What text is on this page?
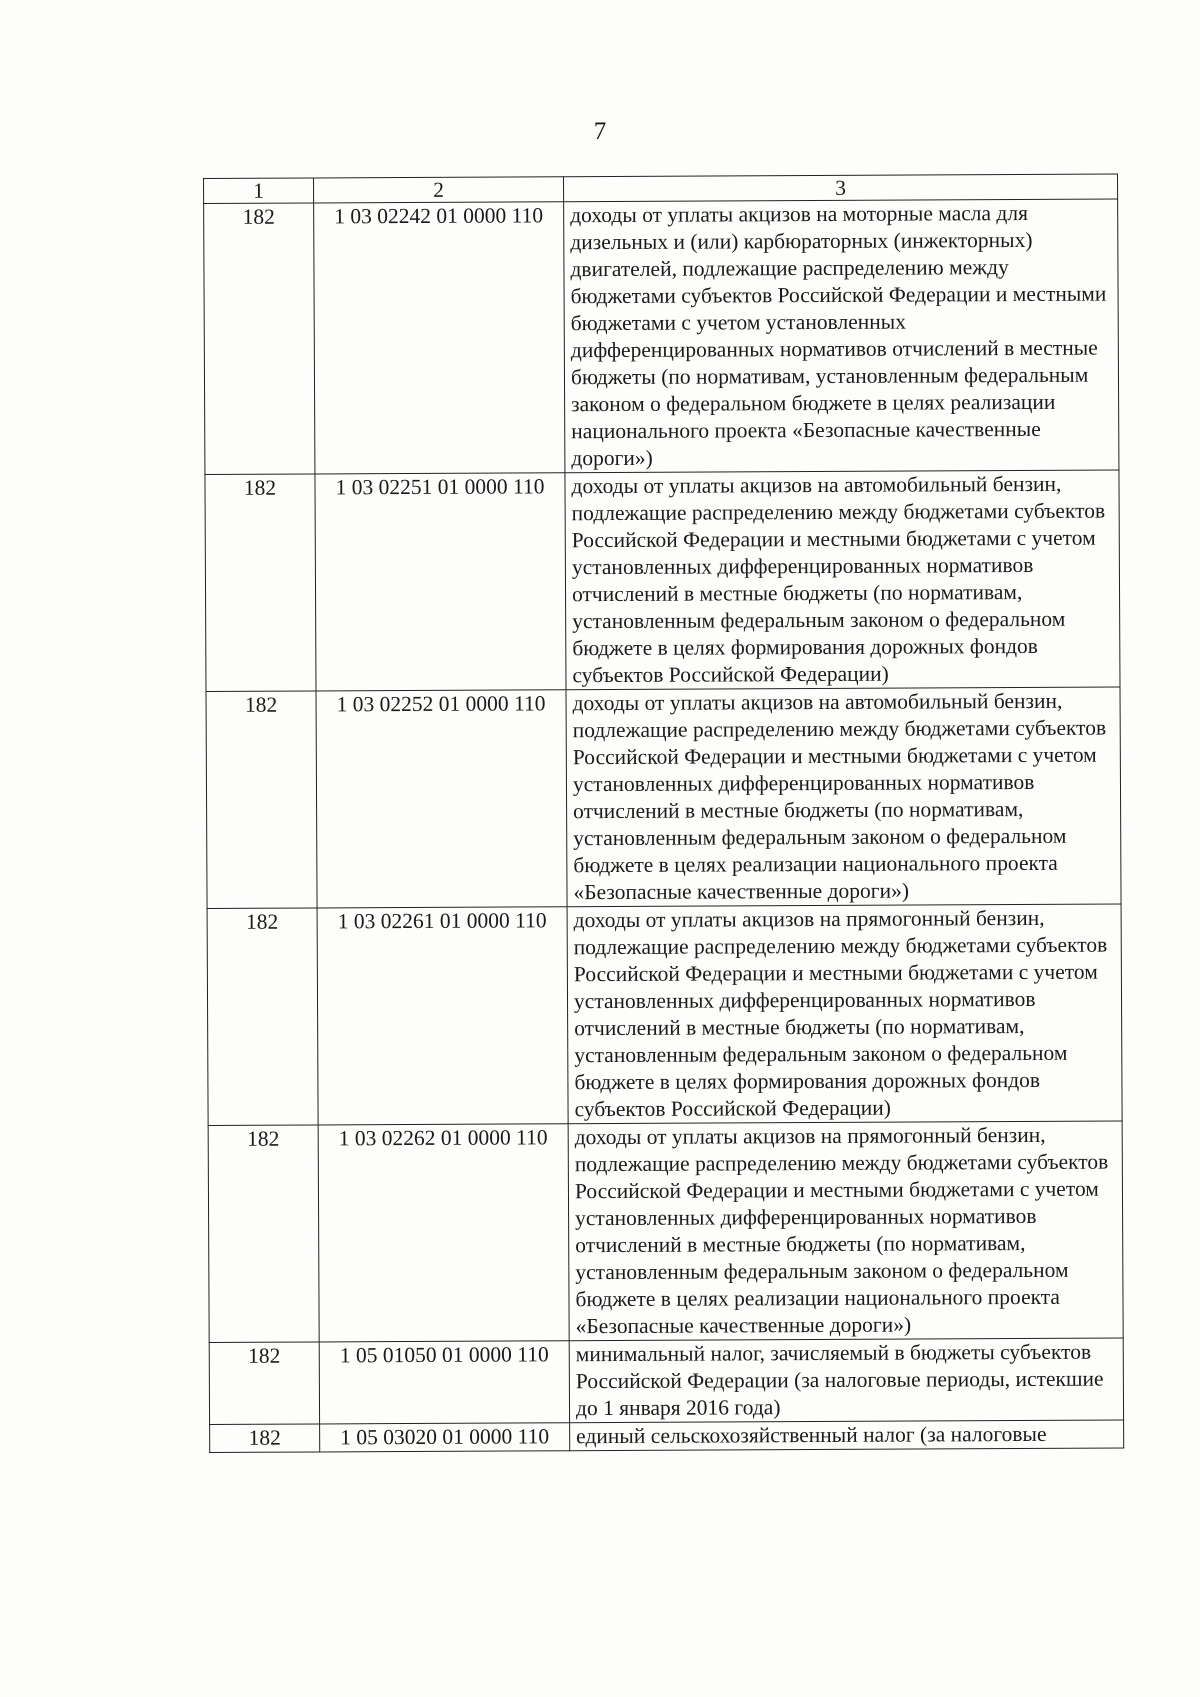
7
1	2	3
182	1 03 02242 01 0000 110	доходы от уплаты акцизов на моторные масла для дизельных и (или) карбюраторных (инжекторных) двигателей, подлежащие распределению между бюджетами субъектов Российской Федерации и местными бюджетами с учетом установленных дифференцированных нормативов отчислений в местные бюджеты (по нормативам, установленным федеральным законом о федеральном бюджете в целях реализации национального проекта «Безопасные качественные дороги»)
182	1 03 02251 01 0000 110	доходы от уплаты акцизов на автомобильный бензин, подлежащие распределению между бюджетами субъектов Российской Федерации и местными бюджетами с учетом установленных дифференцированных нормативов отчислений в местные бюджеты (по нормативам, установленным федеральным законом о федеральном бюджете в целях формирования дорожных фондов субъектов Российской Федерации)
182	1 03 02252 01 0000 110	доходы от уплаты акцизов на автомобильный бензин, подлежащие распределению между бюджетами субъектов Российской Федерации и местными бюджетами с учетом установленных дифференцированных нормативов отчислений в местные бюджеты (по нормативам, установленным федеральным законом о федеральном бюджете в целях реализации национального проекта «Безопасные качественные дороги»)
182	1 03 02261 01 0000 110	доходы от уплаты акцизов на прямогонный бензин, подлежащие распределению между бюджетами субъектов Российской Федерации и местными бюджетами с учетом установленных дифференцированных нормативов отчислений в местные бюджеты (по нормативам, установленным федеральным законом о федеральном бюджете в целях формирования дорожных фондов субъектов Российской Федерации)
182	1 03 02262 01 0000 110	доходы от уплаты акцизов на прямогонный бензин, подлежащие распределению между бюджетами субъектов Российской Федерации и местными бюджетами с учетом установленных дифференцированных нормативов отчислений в местные бюджеты (по нормативам, установленным федеральным законом о федеральном бюджете в целях реализации национального проекта «Безопасные качественные дороги»)
182	1 05 01050 01 0000 110	минимальный налог, зачисляемый в бюджеты субъектов Российской Федерации (за налоговые периоды, истекшие до 1 января 2016 года)
182	1 05 03020 01 0000 110	единый сельскохозяйственный налог (за налоговые
